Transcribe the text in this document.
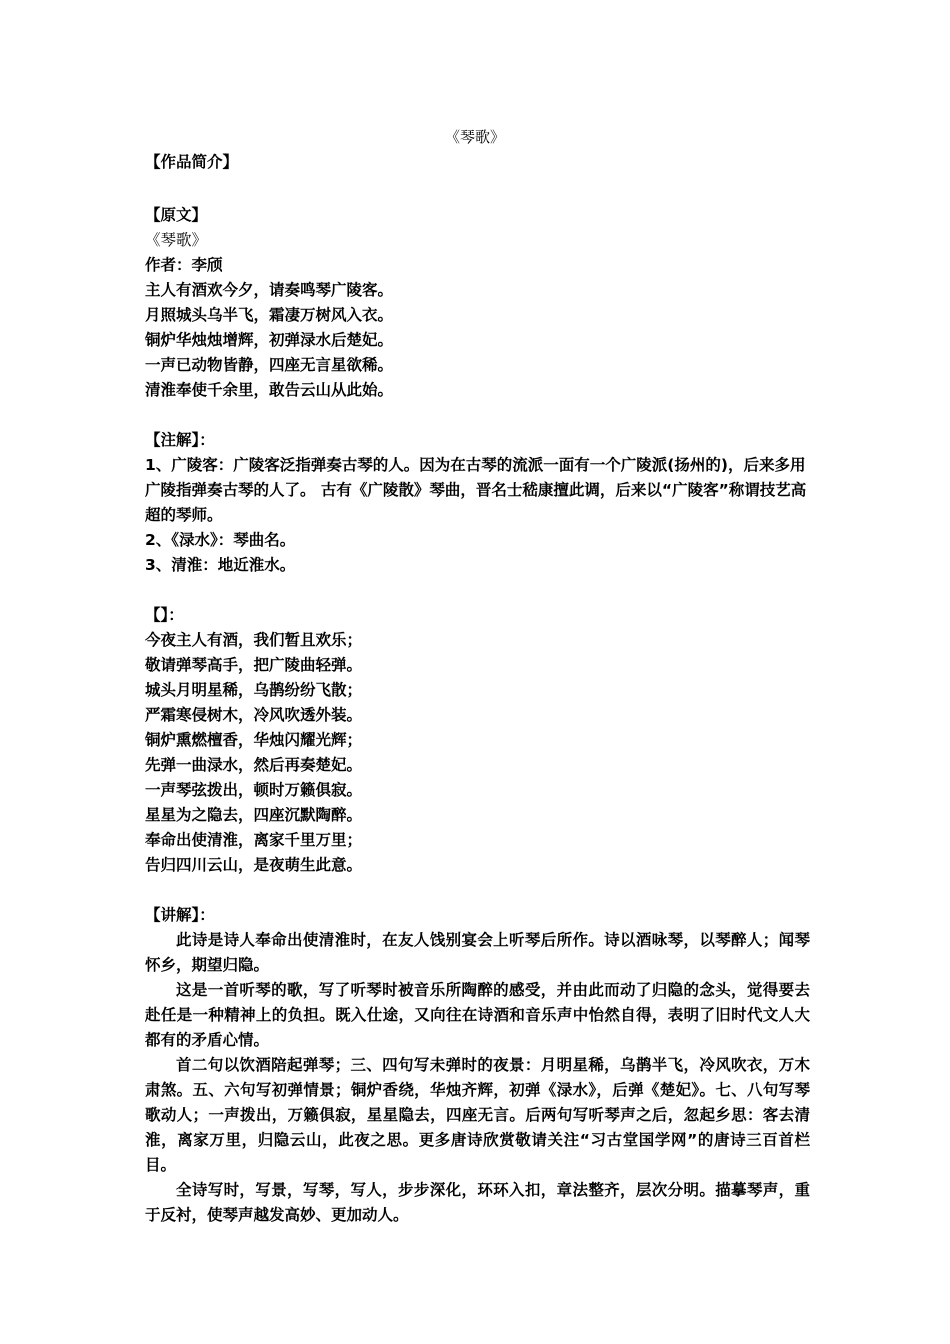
《琴歌》
【作品简介】
【原文】
《琴歌》
作者：李颀
主人有酒欢今夕，请奏鸣琴广陵客。
月照城头乌半飞，霜凄万树风入衣。
铜炉华烛烛增辉，初弹渌水后楚妃。
一声已动物皆静，四座无言星欲稀。
清淮奉使千余里，敢告云山从此始。
【注解】：
1、广陵客：广陵客泛指弹奏古琴的人。因为在古琴的流派一面有一个广陵派(扬州的)，后来多用广陵指弹奏古琴的人了。 古有《广陵散》琴曲，晋名士嵇康擅此调，后来以“广陵客”称谓技艺高超的琴师。
2、《渌水》：琴曲名。
3、清淮：地近淮水。
【】：
今夜主人有酒，我们暂且欢乐；
敬请弹琴高手，把广陵曲轻弹。
城头月明星稀，乌鹊纷纷飞散；
严霜寒侵树木，冷风吹透外装。
铜炉熏燃檀香，华烛闪耀光辉；
先弹一曲渌水，然后再奏楚妃。
一声琴弦拨出，顿时万籁俱寂。
星星为之隐去，四座沉默陶醉。
奉命出使清淮，离家千里万里；
告归四川云山，是夜萌生此意。
【讲解】：
此诗是诗人奉命出使清淮时，在友人饯别宴会上听琴后所作。诗以酒咏琴，以琴醉人；闻琴怀乡，期望归隐。
这是一首听琴的歌，写了听琴时被音乐所陶醉的感受，并由此而动了归隐的念头，觉得要去赴任是一种精神上的负担。既入仕途，又向往在诗酒和音乐声中怡然自得，表明了旧时代文人大都有的矛盾心情。
首二句以饮酒陪起弹琴；三、四句写未弹时的夜景：月明星稀，乌鹊半飞，冷风吹衣，万木肃煞。五、六句写初弹情景；铜炉香绕，华烛齐辉，初弹《渌水》，后弹《楚妃》。七、八句写琴歌动人；一声拨出，万籁俱寂，星星隐去，四座无言。后两句写听琴声之后，忽起乡思：客去清淮，离家万里，归隐云山，此夜之思。更多唐诗欣赏敬请关注“习古堂国学网”的唐诗三百首栏目。
全诗写时，写景，写琴，写人，步步深化，环环入扣，章法整齐，层次分明。描摹琴声，重于反衬，使琴声越发高妙、更加动人。
